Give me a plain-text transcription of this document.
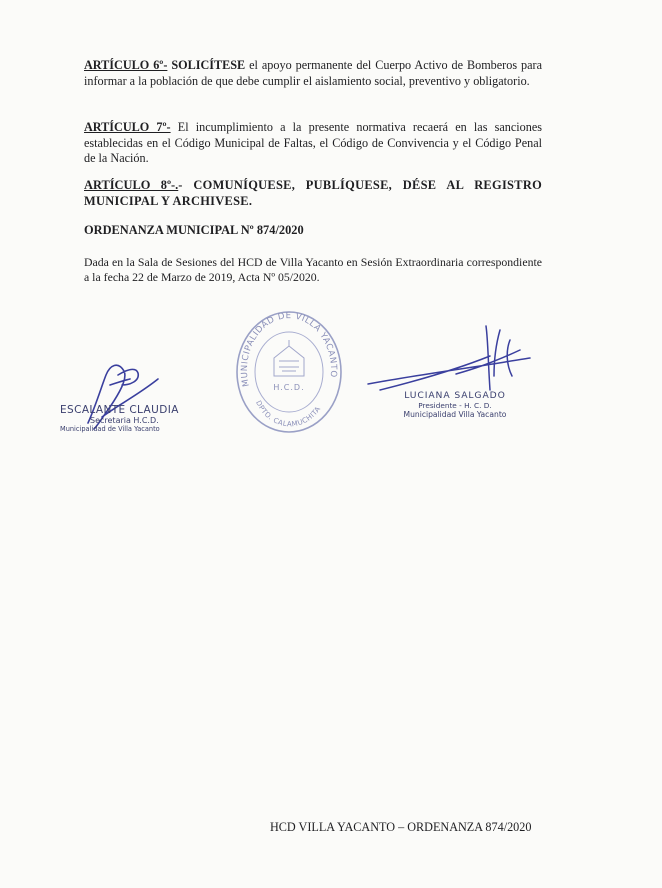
ARTÍCULO 6º- SOLICÍTESE el apoyo permanente del Cuerpo Activo de Bomberos para informar a la población de que debe cumplir el aislamiento social, preventivo y obligatorio.
ARTÍCULO 7º- El incumplimiento a la presente normativa recaerá en las sanciones establecidas en el Código Municipal de Faltas, el Código de Convivencia y el Código Penal de la Nación.
ARTÍCULO 8º-.- COMUNÍQUESE, PUBLÍQUESE, DÉSE AL REGISTRO MUNICIPAL Y ARCHIVESE.
ORDENANZA MUNICIPAL Nº 874/2020
Dada en la Sala de Sesiones del HCD de Villa Yacanto en Sesión Extraordinaria correspondiente a la fecha 22 de Marzo de 2019, Acta Nº 05/2020.
MUNICIPALIDAD DE VILLA YACANTO
DPTO. CALAMUCHITA
H.C.D.
ESCALANTE CLAUDIA
Secretaria H.C.D.
Municipalidad de Villa Yacanto
LUCIANA SALGADO
Presidente - H. C. D.
Municipalidad Villa Yacanto
HCD VILLA YACANTO – ORDENANZA 874/2020
